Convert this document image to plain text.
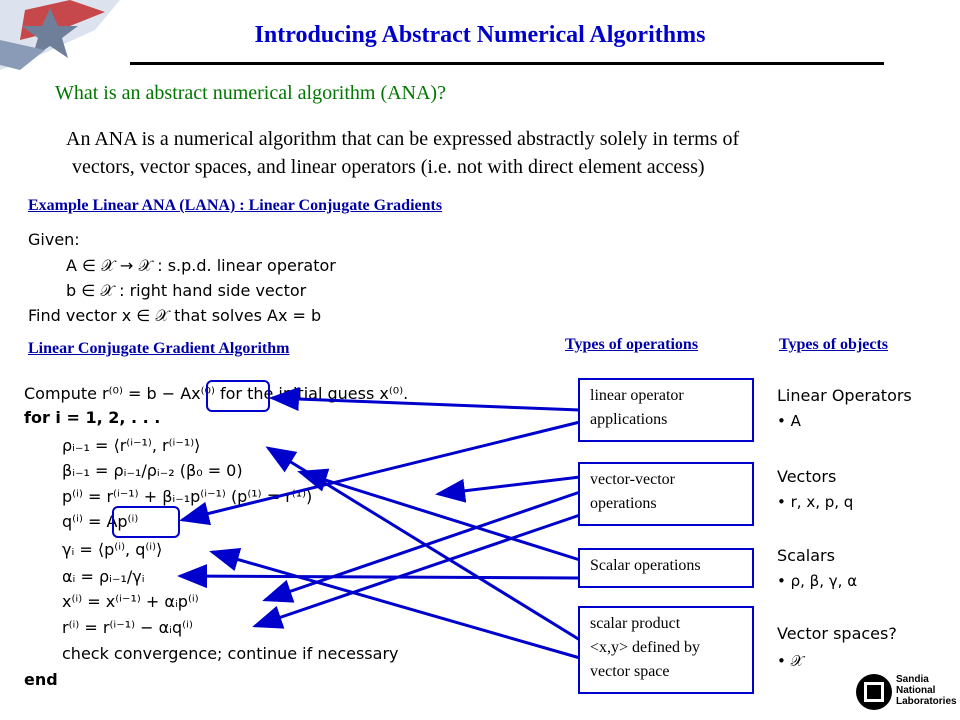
Introducing Abstract Numerical Algorithms
What is an abstract numerical algorithm (ANA)?
An ANA is a numerical algorithm that can be expressed abstractly solely in terms of
vectors, vector spaces, and linear operators (i.e. not with direct element access)
Example Linear ANA (LANA) : Linear Conjugate Gradients
Given:
A ∈ 𝒳 → 𝒳 : s.p.d. linear operator
b ∈ 𝒳 : right hand side vector
Find vector x ∈ 𝒳 that solves Ax = b
Linear Conjugate Gradient Algorithm
Compute r⁽⁰⁾ = b − Ax⁽⁰⁾ for the initial guess x⁽⁰⁾.
for i = 1, 2, . . .
ρᵢ₋₁ = ⟨r⁽ⁱ⁻¹⁾, r⁽ⁱ⁻¹⁾⟩
βᵢ₋₁ = ρᵢ₋₁/ρᵢ₋₂ (β₀ = 0)
p⁽ⁱ⁾ = r⁽ⁱ⁻¹⁾ + βᵢ₋₁p⁽ⁱ⁻¹⁾ (p⁽¹⁾ = r⁽¹⁾)
q⁽ⁱ⁾ = Ap⁽ⁱ⁾
γᵢ = ⟨p⁽ⁱ⁾, q⁽ⁱ⁾⟩
αᵢ = ρᵢ₋₁/γᵢ
x⁽ⁱ⁾ = x⁽ⁱ⁻¹⁾ + αᵢp⁽ⁱ⁾
r⁽ⁱ⁾ = r⁽ⁱ⁻¹⁾ − αᵢq⁽ⁱ⁾
check convergence; continue if necessary
end
Types of operations	Types of objects
linear operator
applications
vector-vector
operations
Scalar operations
scalar product
<x,y> defined by
vector space
Linear Operators
• A
Vectors
• r, x, p, q
Scalars
• ρ, β, γ, α
Vector spaces?
• 𝒳
Sandia
National
Laboratories
